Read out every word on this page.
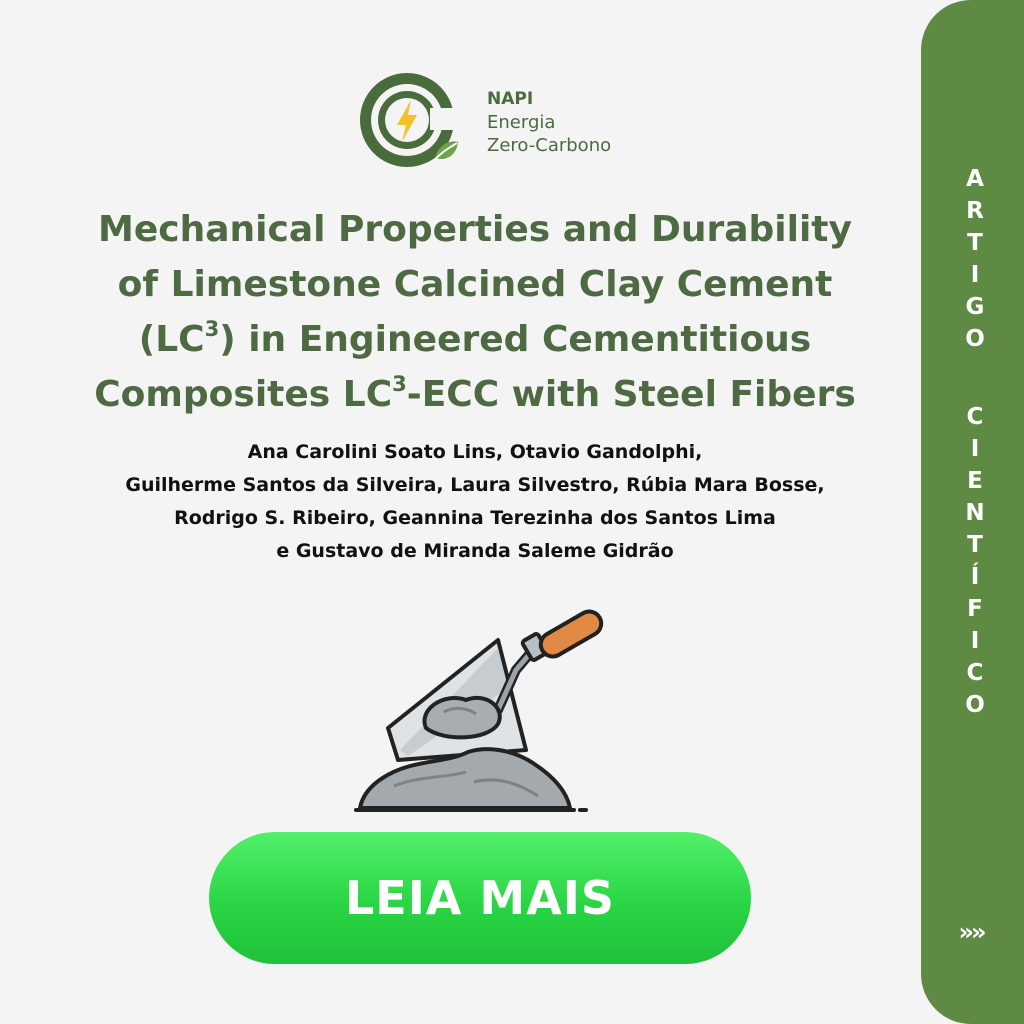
NAPI
Energia
Zero-Carbono
Mechanical Properties and Durability
of Limestone Calcined Clay Cement
$(LC^3)$ in Engineered Cementitious
Composites $LC^3$-ECC with Steel Fibers
Ana Carolini Soato Lins, Otavio Gandolphi,
Guilherme Santos da Silveira, Laura Silvestro, Rúbia Mara Bosse,
Rodrigo S. Ribeiro, Geannina Terezinha dos Santos Lima
e Gustavo de Miranda Saleme Gidrão
LEIA MAIS
A
R
T
I
G
O
C
I
E
N
T
Í
F
I
C
O
»»
